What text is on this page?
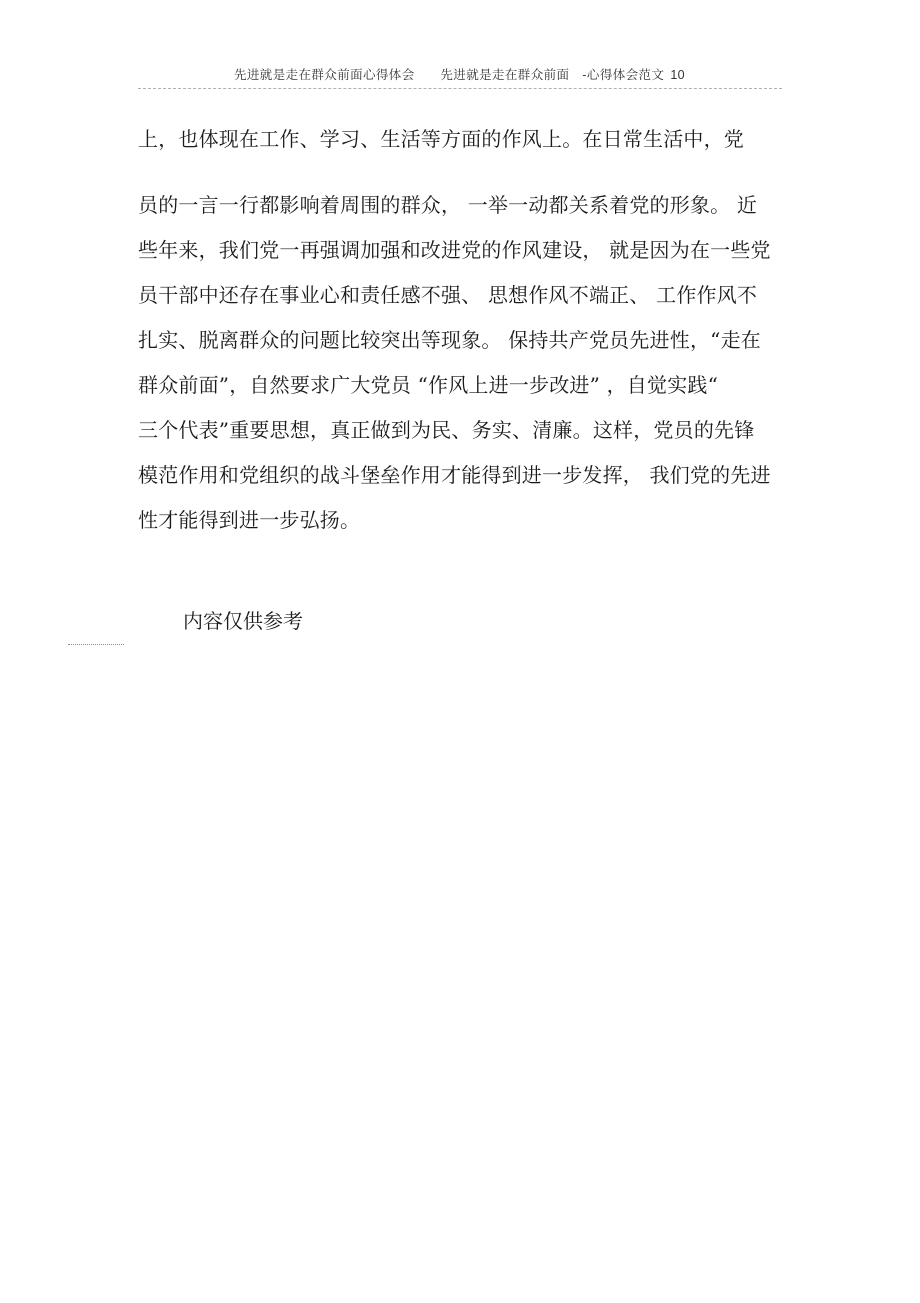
先进就是走在群众前面心得体会　　先进就是走在群众前面　-心得体会范文 10
上，也体现在工作、学习、生活等方面的作风上。在日常生活中，党
员的一言一行都影响着周围的群众， 一举一动都关系着党的形象。 近
些年来，我们党一再强调加强和改进党的作风建设， 就是因为在一些党
员干部中还存在事业心和责任感不强、 思想作风不端正、 工作作风不
扎实、脱离群众的问题比较突出等现象。 保持共产党员先进性，“走在
群众前面”，自然要求广大党员 “作风上进一步改进” ，自觉实践“
三个代表”重要思想，真正做到为民、务实、清廉。这样，党员的先锋
模范作用和党组织的战斗堡垒作用才能得到进一步发挥， 我们党的先进
性才能得到进一步弘扬。
内容仅供参考
